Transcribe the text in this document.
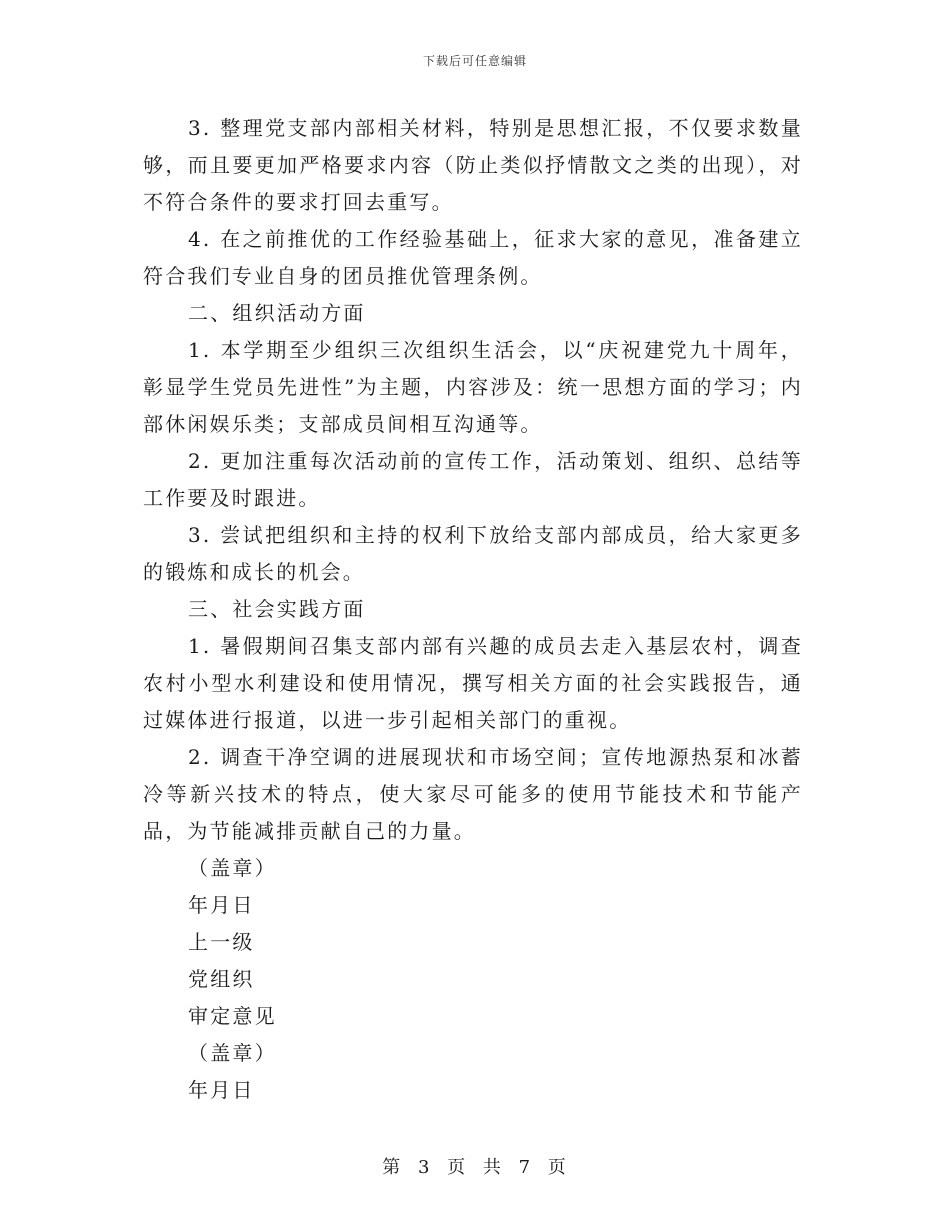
下载后可任意编辑

3. 整理党支部内部相关材料，特别是思想汇报，不仅要求数量够，而且要更加严格要求内容（防止类似抒情散文之类的出现），对不符合条件的要求打回去重写。

4. 在之前推优的工作经验基础上，征求大家的意见，准备建立符合我们专业自身的团员推优管理条例。

二、组织活动方面

1. 本学期至少组织三次组织生活会，以“庆祝建党九十周年，彰显学生党员先进性”为主题，内容涉及：统一思想方面的学习；内部休闲娱乐类；支部成员间相互沟通等。

2. 更加注重每次活动前的宣传工作，活动策划、组织、总结等工作要及时跟进。

3. 尝试把组织和主持的权利下放给支部内部成员，给大家更多的锻炼和成长的机会。

三、社会实践方面

1. 暑假期间召集支部内部有兴趣的成员去走入基层农村，调查农村小型水利建设和使用情况，撰写相关方面的社会实践报告，通过媒体进行报道，以进一步引起相关部门的重视。

2. 调查干净空调的进展现状和市场空间；宣传地源热泵和冰蓄冷等新兴技术的特点，使大家尽可能多的使用节能技术和节能产品，为节能减排贡献自己的力量。

（盖章）

年月日

上一级

党组织

审定意见

（盖章）

年月日

第 3 页 共 7 页
